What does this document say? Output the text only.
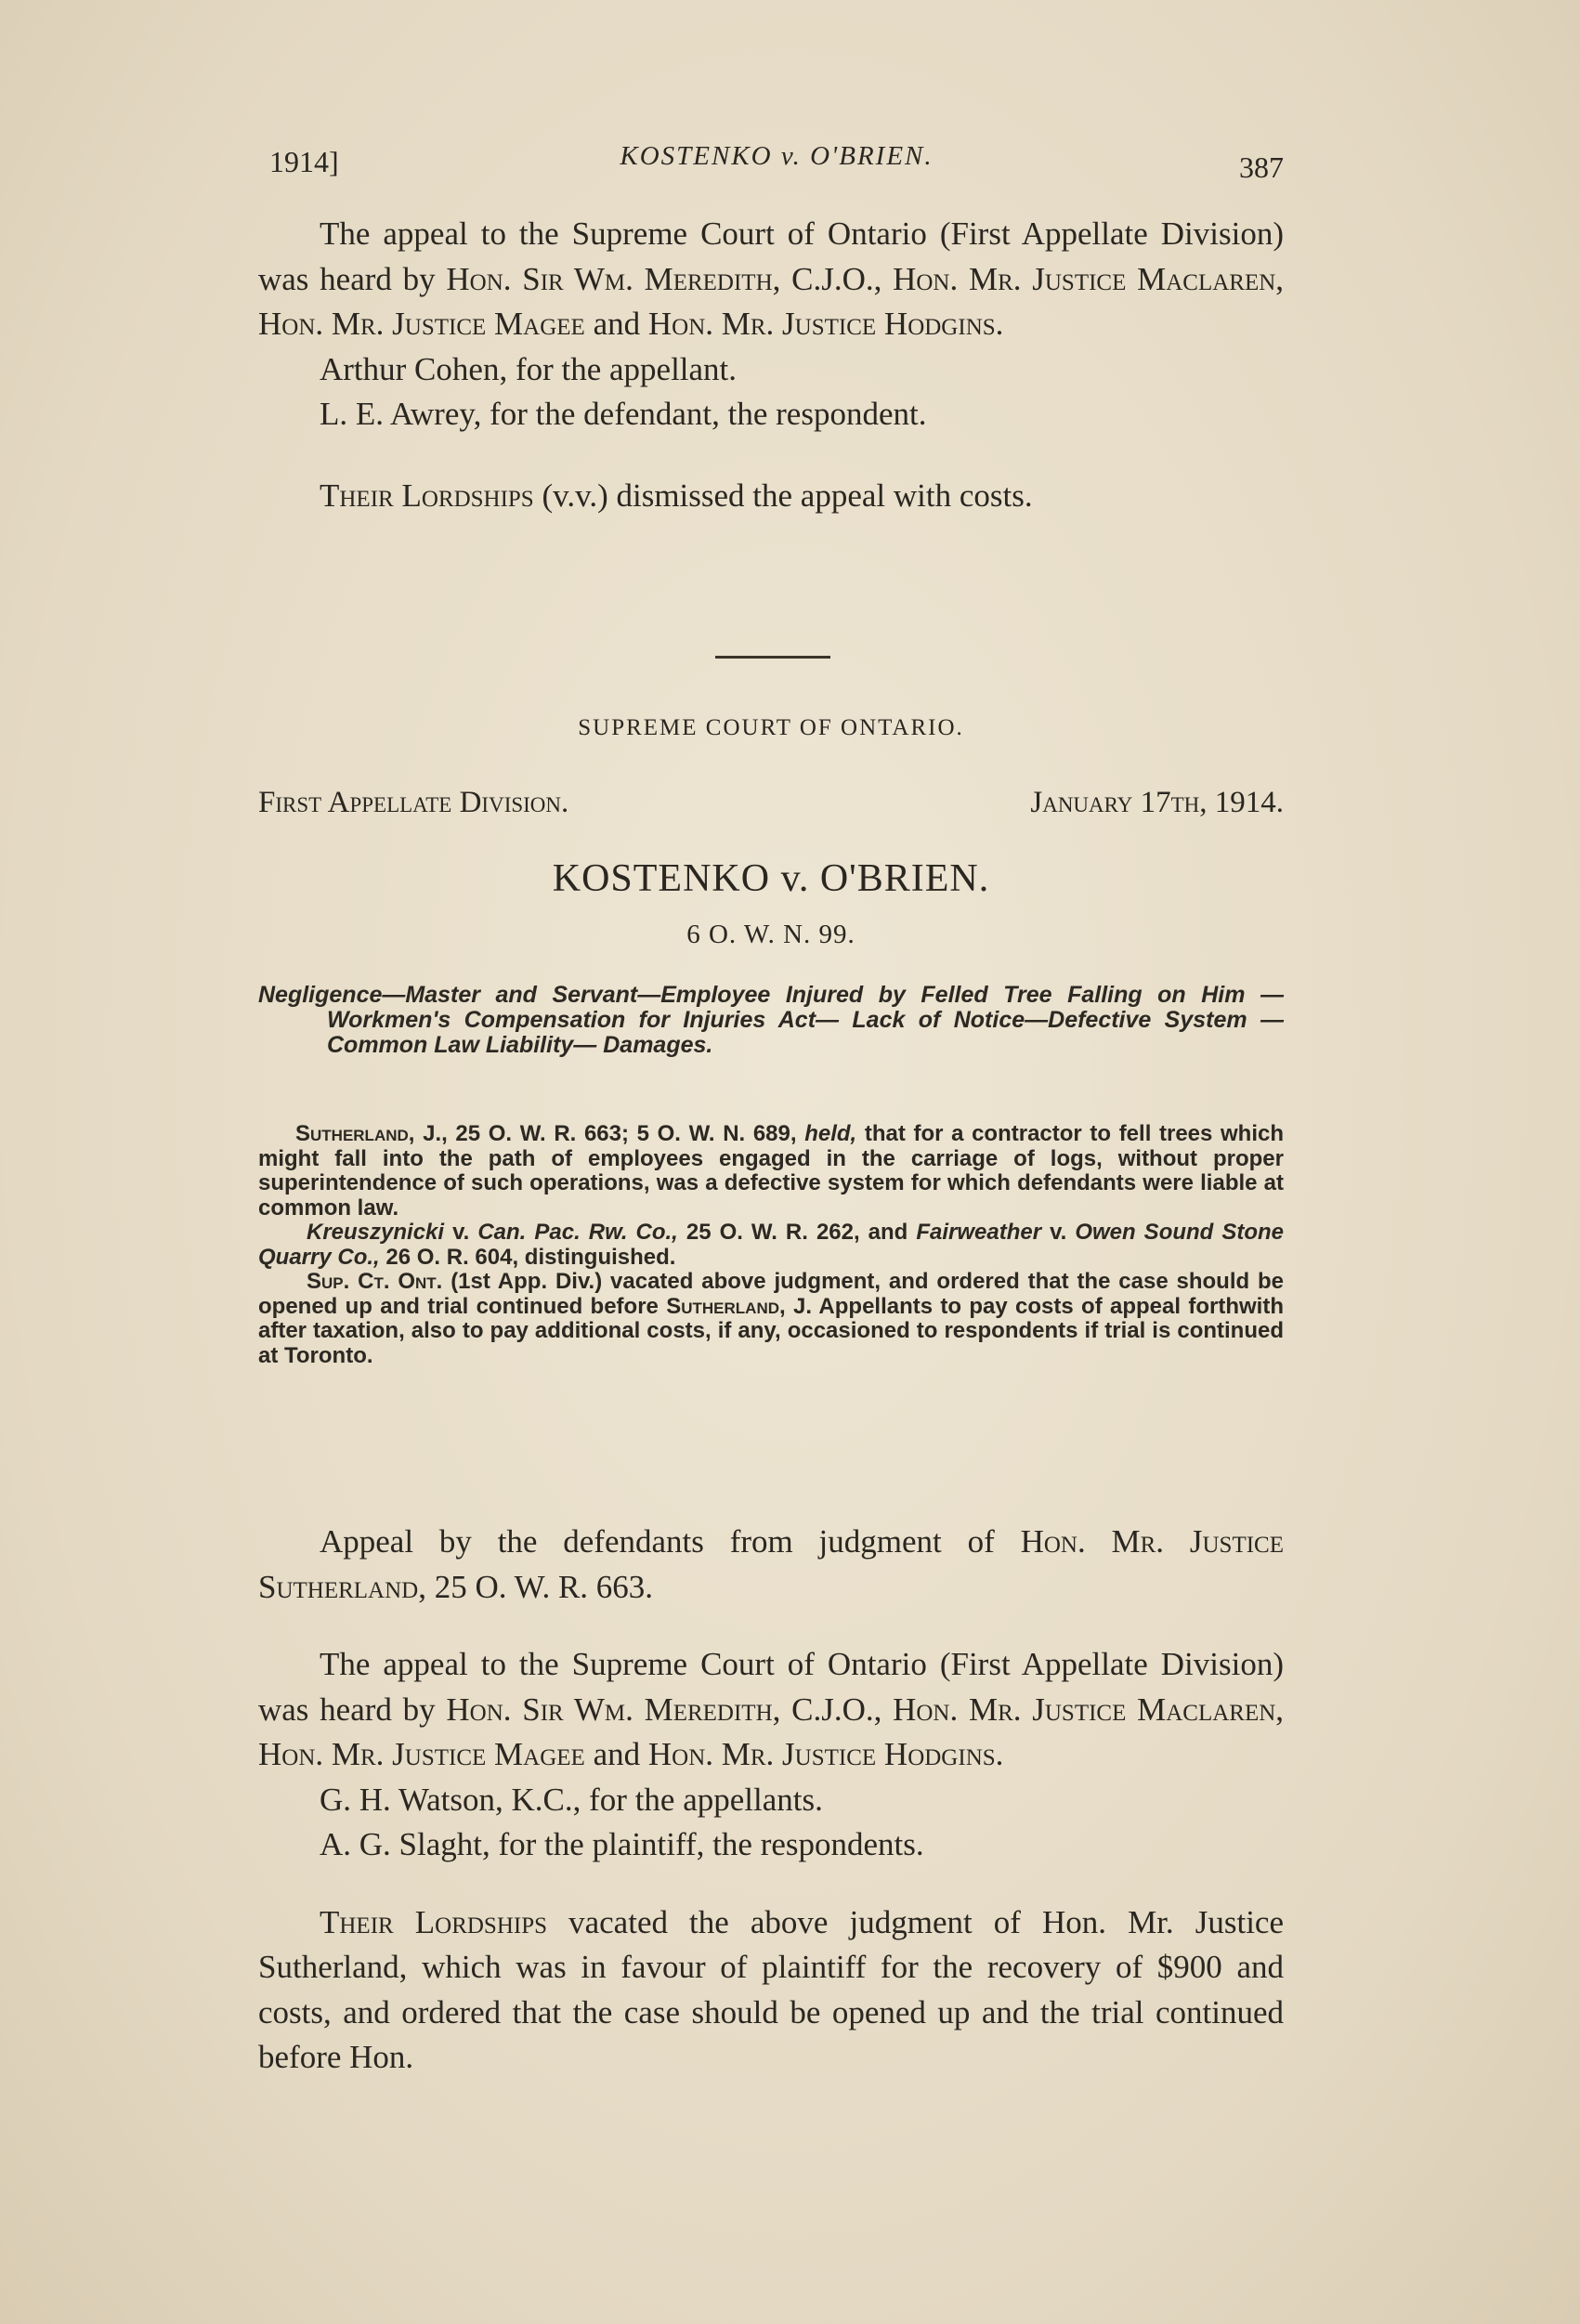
1914]	KOSTENKO v. O'BRIEN.	387

The appeal to the Supreme Court of Ontario (First Appellate Division) was heard by Hon. Sir Wm. Meredith, C.J.O., Hon. Mr. Justice Maclaren, Hon. Mr. Justice Magee and Hon. Mr. Justice Hodgins.

Arthur Cohen, for the appellant.

L. E. Awrey, for the defendant, the respondent.

Their Lordships (v.v.) dismissed the appeal with costs.

SUPREME COURT OF ONTARIO.
First Appellate Division.	January 17th, 1914.
KOSTENKO v. O'BRIEN.
6 O. W. N. 99.
Negligence—Master and Servant—Employee Injured by Felled Tree Falling on Him — Workmen's Compensation for Injuries Act— Lack of Notice—Defective System — Common Law Liability— Damages.

Sutherland, J., 25 O. W. R. 663; 5 O. W. N. 689, held, that for a contractor to fell trees which might fall into the path of employees engaged in the carriage of logs, without proper superintendence of such operations, was a defective system for which defendants were liable at common law.

Kreuszynicki v. Can. Pac. Rw. Co., 25 O. W. R. 262, and Fairweather v. Owen Sound Stone Quarry Co., 26 O. R. 604, distinguished.

Sup. Ct. Ont. (1st App. Div.) vacated above judgment, and ordered that the case should be opened up and trial continued before Sutherland, J. Appellants to pay costs of appeal forthwith after taxation, also to pay additional costs, if any, occasioned to respondents if trial is continued at Toronto.

Appeal by the defendants from judgment of Hon. Mr. Justice Sutherland, 25 O. W. R. 663.

The appeal to the Supreme Court of Ontario (First Appellate Division) was heard by Hon. Sir Wm. Meredith, C.J.O., Hon. Mr. Justice Maclaren, Hon. Mr. Justice Magee and Hon. Mr. Justice Hodgins.

G. H. Watson, K.C., for the appellants.

A. G. Slaght, for the plaintiff, the respondents.

Their Lordships vacated the above judgment of Hon. Mr. Justice Sutherland, which was in favour of plaintiff for the recovery of $900 and costs, and ordered that the case should be opened up and the trial continued before Hon.
